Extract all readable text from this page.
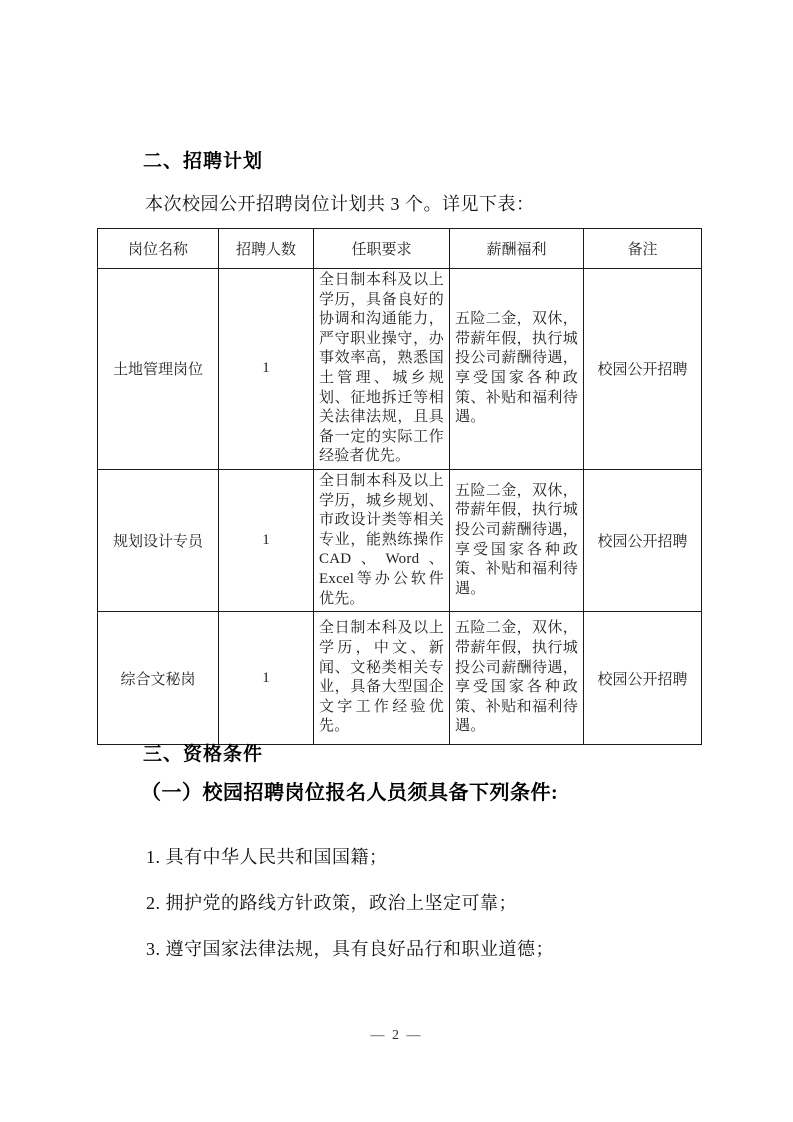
二、招聘计划
本次校园公开招聘岗位计划共 3 个。详见下表：
岗位名称	招聘人数	任职要求	薪酬福利	备注
土地管理岗位	1	全日制本科及以上学历，具备良好的协调和沟通能力，严守职业操守，办事效率高，熟悉国土管理、城乡规划、征地拆迁等相关法律法规，且具备一定的实际工作经验者优先。	五险二金，双休，带薪年假，执行城投公司薪酬待遇，享受国家各种政策、补贴和福利待遇。	校园公开招聘
规划设计专员	1	全日制本科及以上学历，城乡规划、市政设计类等相关专业，能熟练操作CAD、Word、Excel等办公软件优先。	五险二金，双休，带薪年假，执行城投公司薪酬待遇，享受国家各种政策、补贴和福利待遇。	校园公开招聘
综合文秘岗	1	全日制本科及以上学历，中文、新闻、文秘类相关专业，具备大型国企文字工作经验优先。	五险二金，双休，带薪年假，执行城投公司薪酬待遇，享受国家各种政策、补贴和福利待遇。	校园公开招聘
三、资格条件
（一）校园招聘岗位报名人员须具备下列条件:
1. 具有中华人民共和国国籍；
2. 拥护党的路线方针政策，政治上坚定可靠；
3. 遵守国家法律法规，具有良好品行和职业道德；
— 2 —
